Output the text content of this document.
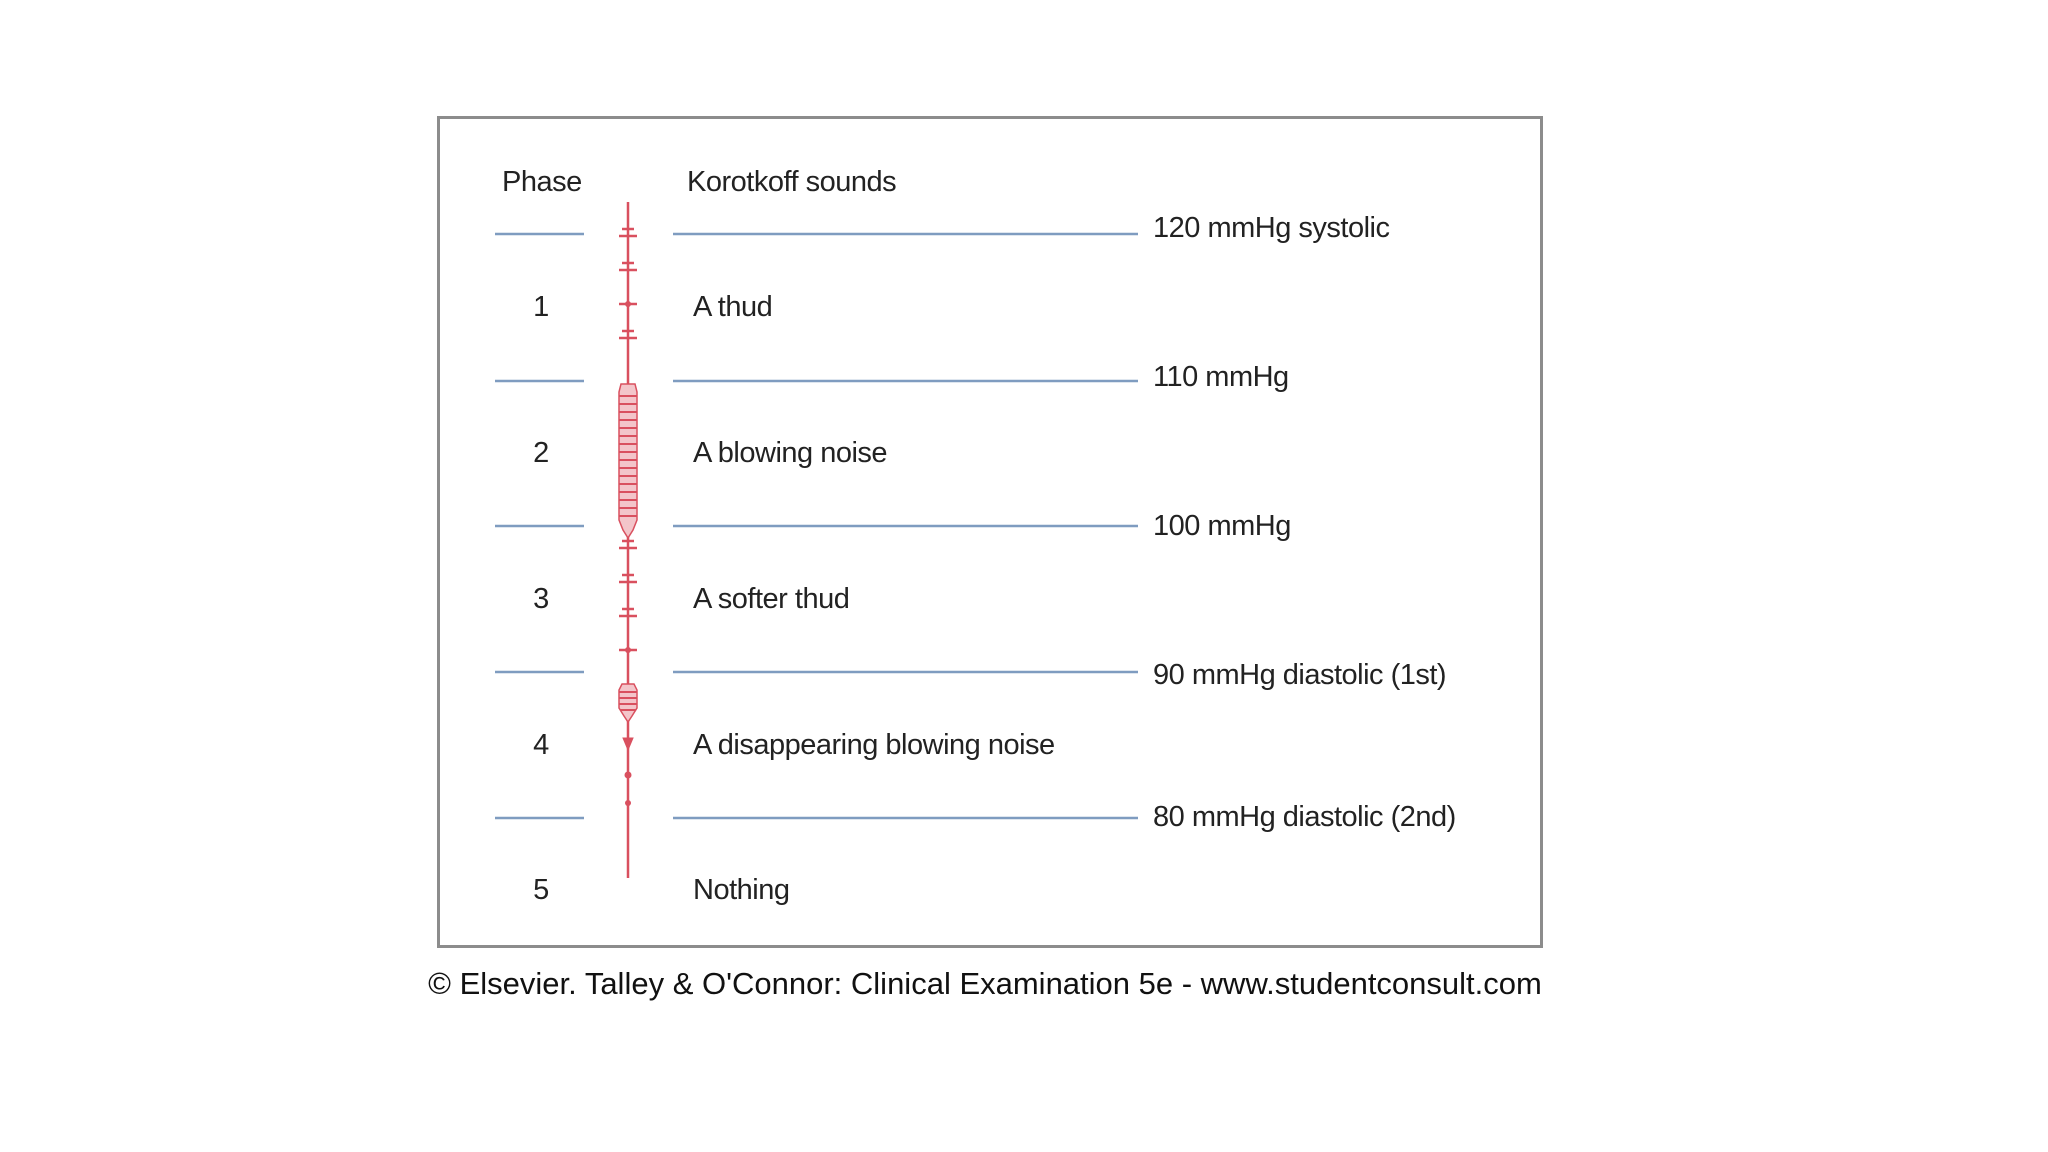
Phase	Korotkoff sounds
1
2
3
4
5
A thud
A blowing noise
A softer thud
A disappearing blowing noise
Nothing
120 mmHg systolic
110 mmHg
100 mmHg
90 mmHg diastolic (1st)
80 mmHg diastolic (2nd)
© Elsevier. Talley & O'Connor: Clinical Examination 5e - www.studentconsult.com
